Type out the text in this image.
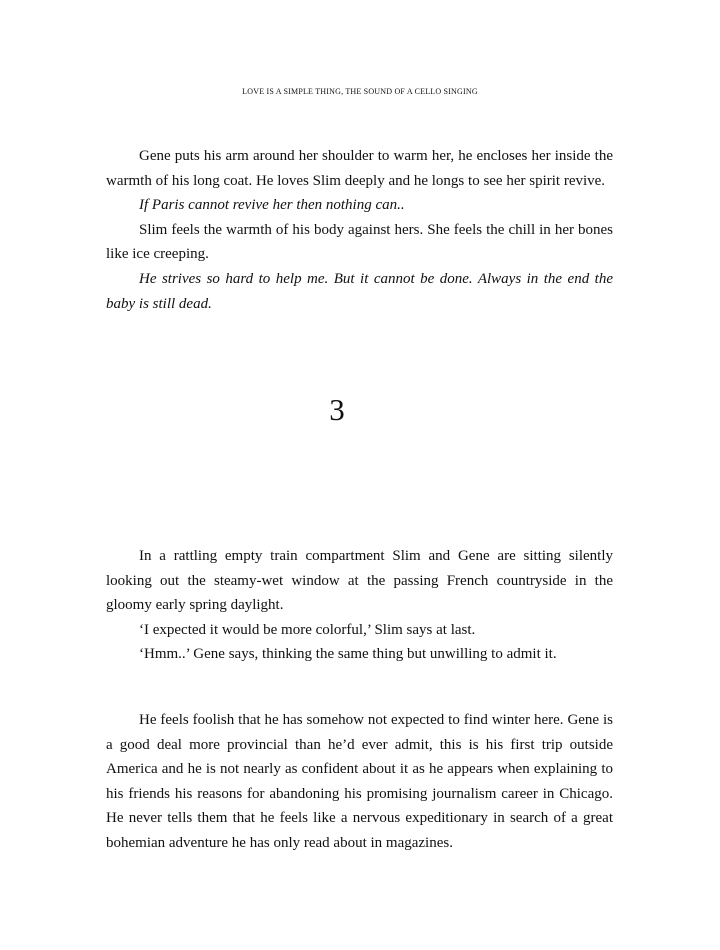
LOVE IS A SIMPLE THING, THE SOUND OF A CELLO SINGING

Gene puts his arm around her shoulder to warm her, he encloses her inside the warmth of his long coat. He loves Slim deeply and he longs to see her spirit revive.

If Paris cannot revive her then nothing can..

Slim feels the warmth of his body against hers. She feels the chill in her bones like ice creeping.

He strives so hard to help me. But it cannot be done. Always in the end the baby is still dead.

3

In a rattling empty train compartment Slim and Gene are sitting silently looking out the steamy-wet window at the passing French countryside in the gloomy early spring daylight.

‘I expected it would be more colorful,’ Slim says at last.

‘Hmm..’ Gene says, thinking the same thing but unwilling to admit it.

He feels foolish that he has somehow not expected to find winter here. Gene is a good deal more provincial than he’d ever admit, this is his first trip outside America and he is not nearly as confident about it as he appears when explaining to his friends his reasons for abandoning his promising journalism career in Chicago. He never tells them that he feels like a nervous expeditionary in search of a great bohemian adventure he has only read about in magazines.
